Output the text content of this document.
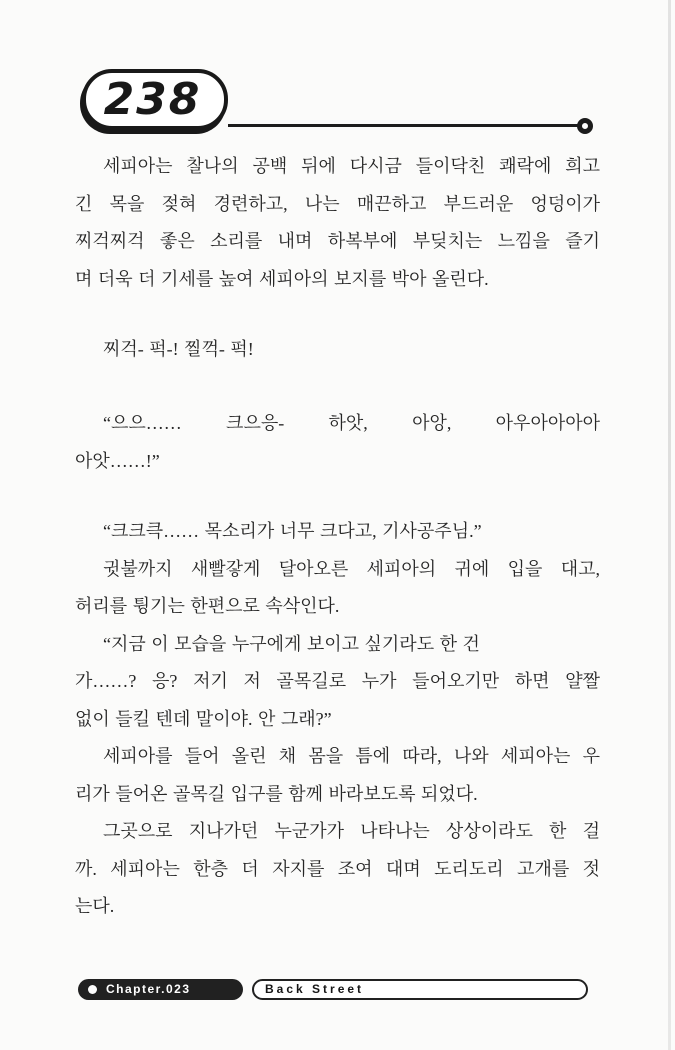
238
세피아는 찰나의 공백 뒤에 다시금 들이닥친 쾌락에 희고
긴 목을 젖혀 경련하고, 나는 매끈하고 부드러운 엉덩이가
찌걱찌걱 좋은 소리를 내며 하복부에 부딪치는 느낌을 즐기
며 더욱 더 기세를 높여 세피아의 보지를 박아 올린다.
찌걱- 퍽-! 찔꺽- 퍽!
“으으…… 크으응- 하앗, 아앙, 아우아아아아
아앗……!”
“크크큭…… 목소리가 너무 크다고, 기사공주님.”
귓불까지 새빨갛게 달아오른 세피아의 귀에 입을 대고,
허리를 튕기는 한편으로 속삭인다.
“지금 이 모습을 누구에게 보이고 싶기라도 한 건
가……? 응? 저기 저 골목길로 누가 들어오기만 하면 얄짤
없이 들킬 텐데 말이야. 안 그래?”
세피아를 들어 올린 채 몸을 틈에 따라, 나와 세피아는 우
리가 들어온 골목길 입구를 함께 바라보도록 되었다.
그곳으로 지나가던 누군가가 나타나는 상상이라도 한 걸
까. 세피아는 한층 더 자지를 조여 대며 도리도리 고개를 젓
는다.
Chapter.023	Back Street
